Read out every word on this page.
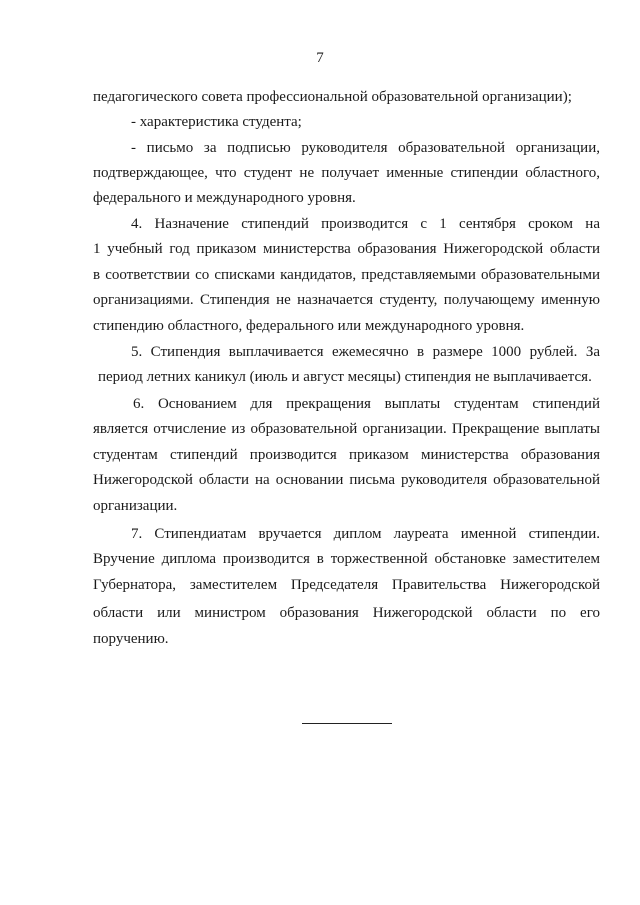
7
педагогического совета профессиональной образовательной организации);
- характеристика студента;
- письмо за подписью руководителя образовательной организации,
подтверждающее, что студент не получает именные стипендии областного,
федерального и международного уровня.
4. Назначение стипендий производится с 1 сентября сроком на
1 учебный год приказом министерства образования Нижегородской области
в соответствии со списками кандидатов, представляемыми образовательными
организациями. Стипендия не назначается студенту, получающему именную
стипендию областного, федерального или международного уровня.
5. Стипендия выплачивается ежемесячно в размере 1000 рублей. За
период летних каникул (июль и август месяцы) стипендия не выплачивается.
6. Основанием для прекращения выплаты студентам стипендий
является отчисление из образовательной организации. Прекращение выплаты
студентам стипендий производится приказом министерства образования
Нижегородской области на основании письма руководителя образовательной
организации.
7. Стипендиатам вручается диплом лауреата именной стипендии.
Вручение диплома производится в торжественной обстановке заместителем
Губернатора, заместителем Председателя Правительства Нижегородской
области или министром образования Нижегородской области по его
поручению.
